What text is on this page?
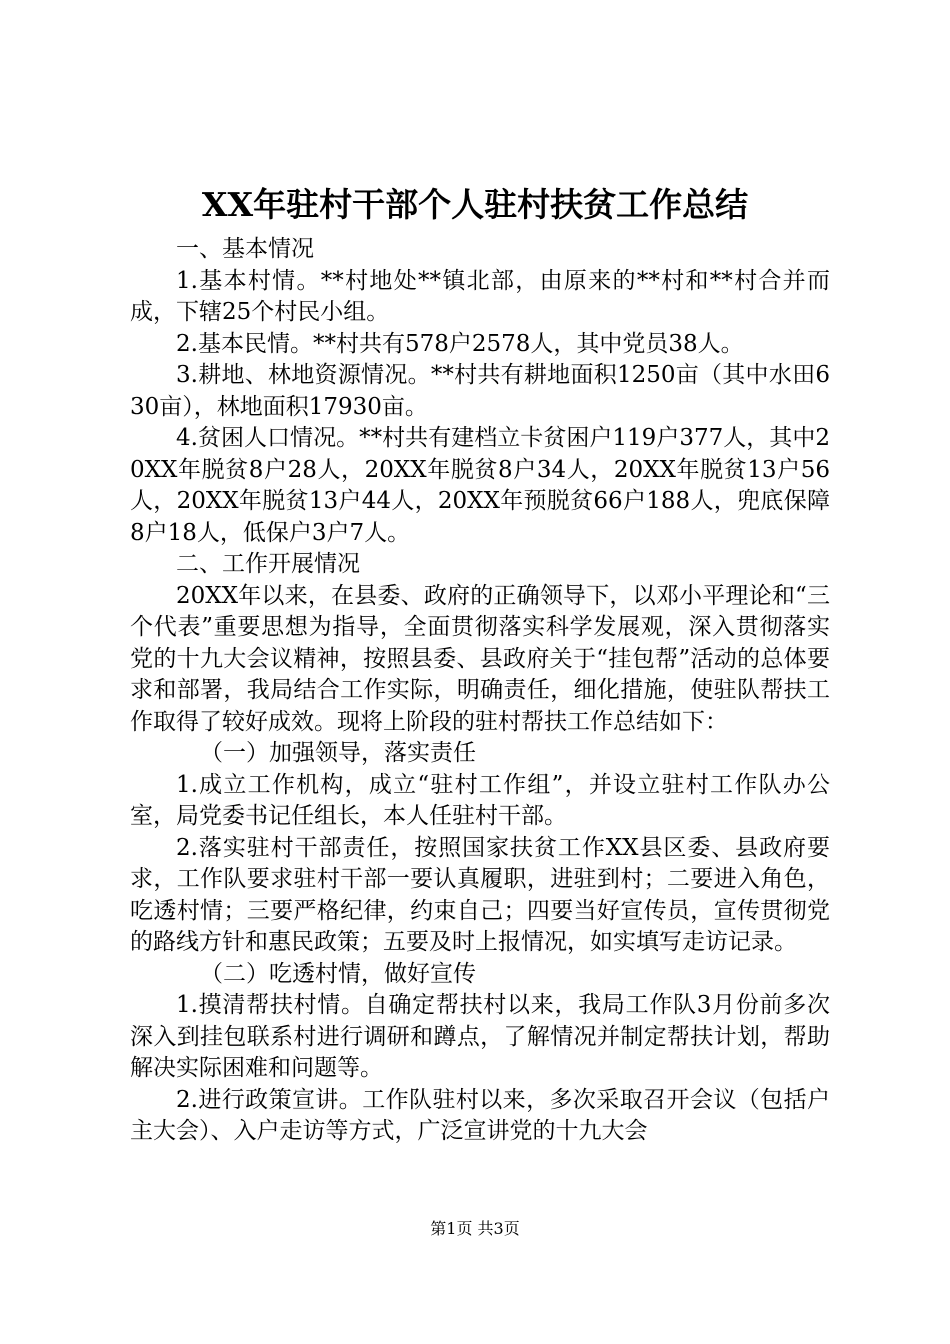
XX年驻村干部个人驻村扶贫工作总结

一、基本情况

1.基本村情。**村地处**镇北部，由原来的**村和**村合并而成，下辖25个村民小组。

2.基本民情。**村共有578户2578人，其中党员38人。

3.耕地、林地资源情况。**村共有耕地面积1250亩（其中水田630亩），林地面积17930亩。

4.贫困人口情况。**村共有建档立卡贫困户119户377人，其中20XX年脱贫8户28人，20XX年脱贫8户34人，20XX年脱贫13户56人，20XX年脱贫13户44人，20XX年预脱贫66户188人，兜底保障8户18人，低保户3户7人。

二、工作开展情况

20XX年以来，在县委、政府的正确领导下，以邓小平理论和“三个代表”重要思想为指导，全面贯彻落实科学发展观，深入贯彻落实党的十九大会议精神，按照县委、县政府关于“挂包帮”活动的总体要求和部署，我局结合工作实际，明确责任，细化措施，使驻队帮扶工作取得了较好成效。现将上阶段的驻村帮扶工作总结如下：

（一）加强领导，落实责任

1.成立工作机构，成立“驻村工作组”，并设立驻村工作队办公室，局党委书记任组长，本人任驻村干部。

2.落实驻村干部责任，按照国家扶贫工作XX县区委、县政府要求，工作队要求驻村干部一要认真履职，进驻到村；二要进入角色，吃透村情；三要严格纪律，约束自己；四要当好宣传员，宣传贯彻党的路线方针和惠民政策；五要及时上报情况，如实填写走访记录。

（二）吃透村情，做好宣传

1.摸清帮扶村情。自确定帮扶村以来，我局工作队3月份前多次深入到挂包联系村进行调研和蹲点，了解情况并制定帮扶计划，帮助解决实际困难和问题等。

2.进行政策宣讲。工作队驻村以来，多次采取召开会议（包括户主大会）、入户走访等方式，广泛宣讲党的十九大会

第1页 共3页
